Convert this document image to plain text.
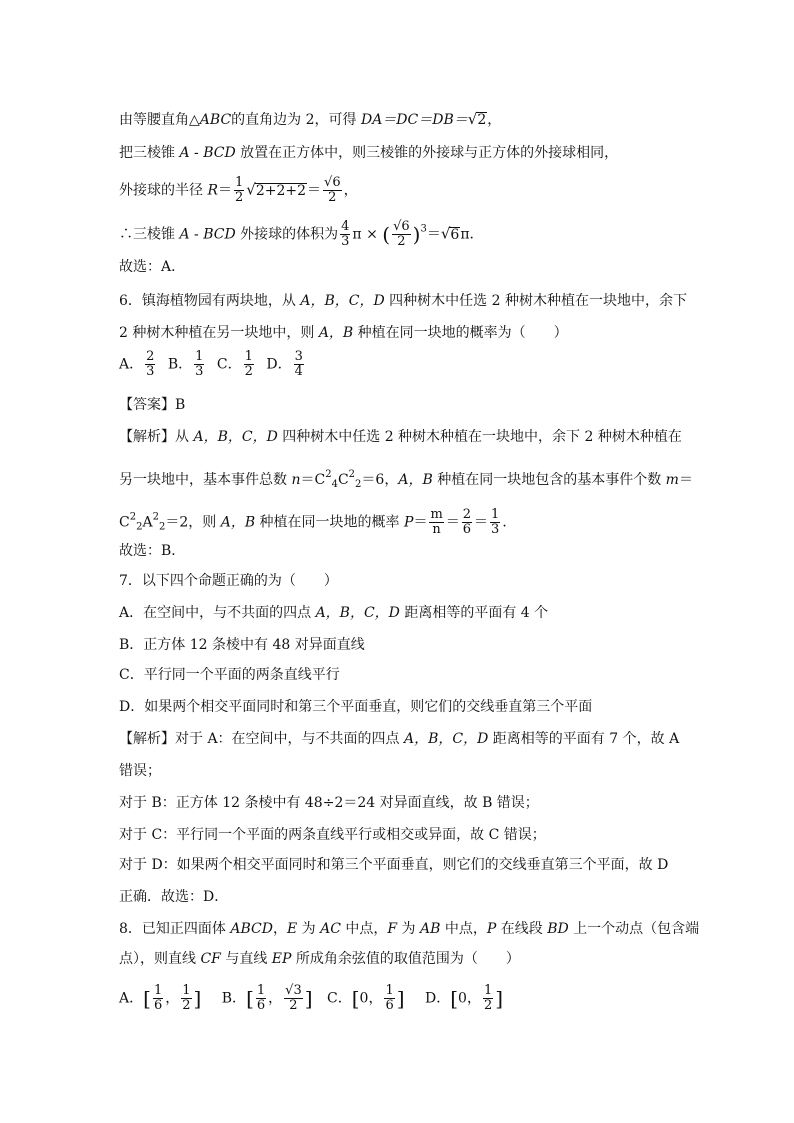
由等腰直角△ABC的直角边为 2，可得 DA＝DC＝DB＝√2，
把三棱锥 A - BCD 放置在正方体中，则三棱锥的外接球与正方体的外接球相同，
外接球的半径 $R= \frac{1}{2} √2+2+2= \frac{√6}{2}$ ，
∴三棱锥 A - BCD 外接球的体积为 $\frac{4}{3}$ π × ( $\frac{√6}{2} )^3=√6\pi$．
故选：A．
6．镇海植物园有两块地，从 A，B，C，D 四种树木中任选 2 种树木种植在一块地中，余下
2 种树木种植在另一块地中，则 A，B 种植在同一块地的概率为（　　）
A． $\frac{2}{3}$ B． $\frac{1}{3}$ C． $\frac{1}{2}$ D． $\frac{3}{4}$
【答案】B
【解析】从 A，B，C，D 四种树木中任选 2 种树木种植在一块地中，余下 2 种树木种植在
另一块地中，基本事件总数 $n=C^2_4C^2_2=6$，A，B 种植在同一块地包含的基本事件个数 m＝
$C^2_2A^2_2=2$，则 A，B 种植在同一块地的概率 $P= \frac{m}{n} = \frac{2}{6} = \frac{1}{3}$ ．
故选：B．
7．以下四个命题正确的为（　　）
A．在空间中，与不共面的四点 A，B，C，D 距离相等的平面有 4 个
B．正方体 12 条棱中有 48 对异面直线
C．平行同一个平面的两条直线平行
D．如果两个相交平面同时和第三个平面垂直，则它们的交线垂直第三个平面
【解析】对于 A：在空间中，与不共面的四点 A，B，C，D 距离相等的平面有 7 个，故 A
错误；
对于 B：正方体 12 条棱中有 48÷2＝24 对异面直线，故 B 错误；
对于 C：平行同一个平面的两条直线平行或相交或异面，故 C 错误；
对于 D：如果两个相交平面同时和第三个平面垂直，则它们的交线垂直第三个平面，故 D
正确．故选：D．
8．已知正四面体 ABCD，E 为 AC 中点，F 为 AB 中点，P 在线段 BD 上一个动点（包含端
点），则直线 CF 与直线 EP 所成角余弦值的取值范围为（　　）
A．[ $\frac{1}{6}$ ， $\frac{1}{2}$ ] B．[ $\frac{1}{6}$ ， $\frac{√3}{2}$ ] C．[0， $\frac{1}{6}$ ] D．[0， $\frac{1}{2}$ ]
